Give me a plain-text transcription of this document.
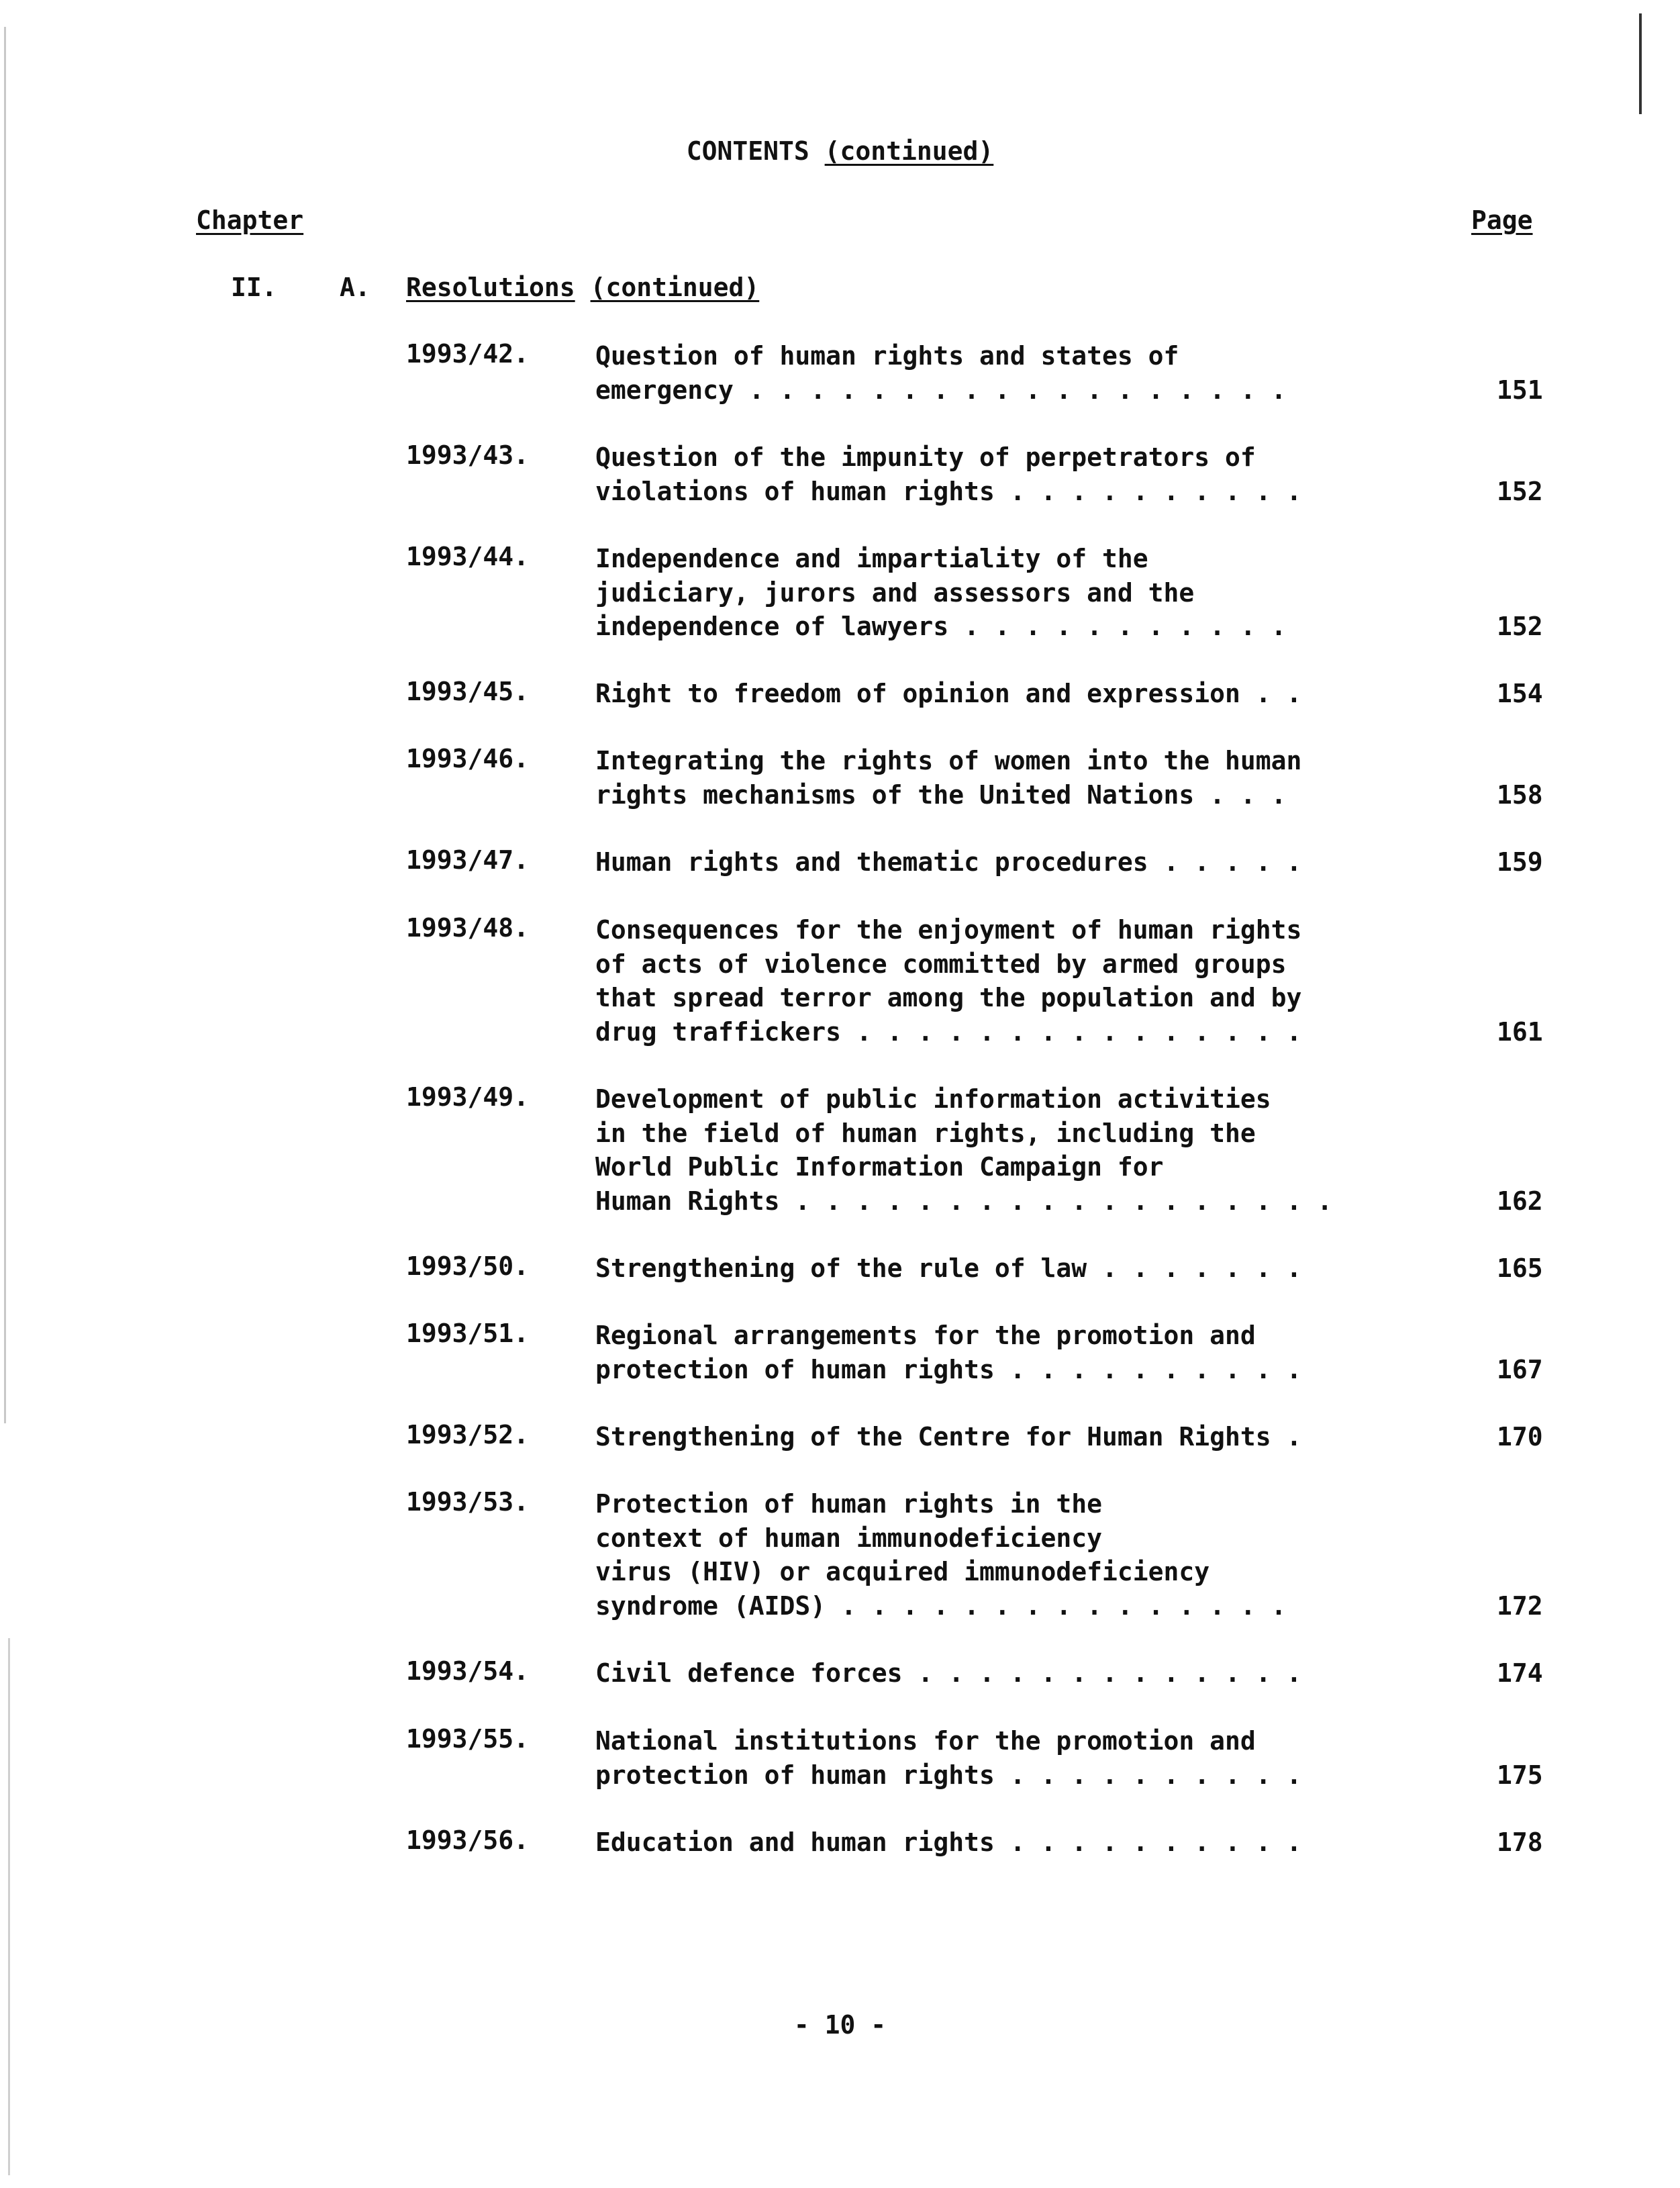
CONTENTS (continued)
Chapter	Page
II. A. Resolutions (continued)
1993/42.	Question of human rights and states of
emergency . . . . . . . . . . . . . . . . . .	151
1993/43.	Question of the impunity of perpetrators of
violations of human rights . . . . . . . . . .	152
1993/44.	Independence and impartiality of the
judiciary, jurors and assessors and the
independence of lawyers . . . . . . . . . . .	152
1993/45.	Right to freedom of opinion and expression . .	154
1993/46.	Integrating the rights of women into the human
rights mechanisms of the United Nations . . .	158
1993/47.	Human rights and thematic procedures . . . . .	159
1993/48.	Consequences for the enjoyment of human rights
of acts of violence committed by armed groups
that spread terror among the population and by
drug traffickers . . . . . . . . . . . . . . .	161
1993/49.	Development of public information activities
in the field of human rights, including the
World Public Information Campaign for
Human Rights . . . . . . . . . . . . . . . . . .	162
1993/50.	Strengthening of the rule of law . . . . . . .	165
1993/51.	Regional arrangements for the promotion and
protection of human rights . . . . . . . . . .	167
1993/52.	Strengthening of the Centre for Human Rights .	170
1993/53.	Protection of human rights in the
context of human immunodeficiency
virus (HIV) or acquired immunodeficiency
syndrome (AIDS) . . . . . . . . . . . . . . .	172
1993/54.	Civil defence forces . . . . . . . . . . . . .	174
1993/55.	National institutions for the promotion and
protection of human rights . . . . . . . . . .	175
1993/56.	Education and human rights . . . . . . . . . .	178
- 10 -
